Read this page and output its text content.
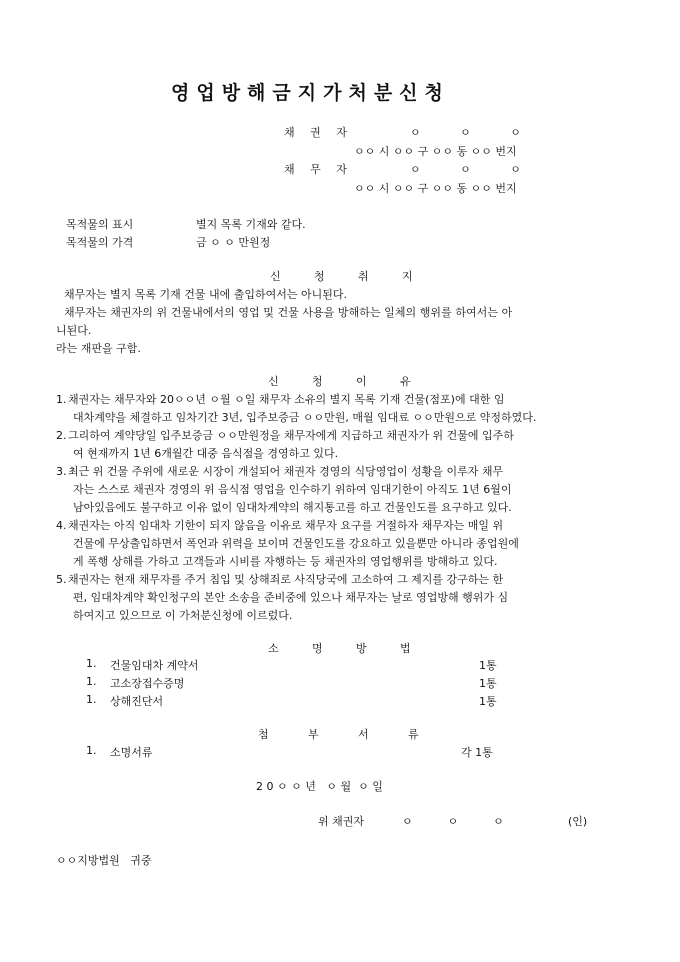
영업방해금지가처분신청
채 권 자	ㅇ ㅇ ㅇ
ㅇㅇ 시 ㅇㅇ 구 ㅇㅇ 동 ㅇㅇ 번지
채 무 자	ㅇ ㅇ ㅇ
ㅇㅇ 시 ㅇㅇ 구 ㅇㅇ 동 ㅇㅇ 번지
목적물의 표시	별지 목록 기재와 같다.
목적물의 가격	금 ㅇ ㅇ 만원정
신	청	취	지
채무자는 별지 목록 기재 건물 내에 출입하여서는 아니된다.
채무자는 채권자의 위 건물내에서의 영업 및 건물 사용을 방해하는 일체의 행위를 하여서는 아
니된다.
라는 재판을 구함.
신	청	이	유
1. 채권자는 채무자와 20ㅇㅇ년 ㅇ월 ㅇ일 채무자 소유의 별지 목록 기재 건물(점포)에 대한 임
대차계약을 체결하고 임차기간 3년, 입주보증금 ㅇㅇ만원, 매월 임대료 ㅇㅇ만원으로 약정하였다.
2. 그리하여 계약당일 입주보증금 ㅇㅇ만원정을 채무자에게 지급하고 채권자가 위 건물에 입주하
여 현재까지 1년 6개월간 대중 음식점을 경영하고 있다.
3. 최근 위 건물 주위에 새로운 시장이 개설되어 채권자 경영의 식당영업이 성황을 이루자 채무
자는 스스로 채권자 경영의 위 음식점 영업을 인수하기 위하여 임대기한이 아직도 1년 6월이
남아있음에도 불구하고 이유 없이 임대차계약의 해지통고를 하고 건물인도를 요구하고 있다.
4. 채권자는 아직 임대차 기한이 되지 않음을 이유로 채무자 요구를 거절하자 채무자는 매일 위
건물에 무상출입하면서 폭언과 위력을 보이며 건물인도를 강요하고 있을뿐만 아니라 종업원에
게 폭행 상해를 가하고 고객들과 시비를 자행하는 등 채권자의 영업행위를 방해하고 있다.
5. 채권자는 현재 채무자를 주거 침입 및 상해죄로 사직당국에 고소하여 그 제지를 강구하는 한
편, 임대차계약 확인청구의 본안 소송을 준비중에 있으나 채무자는 날로 영업방해 행위가 심
하여지고 있으므로 이 가처분신청에 이르렀다.
소	명	방	법
1. 건물임대차 계약서	1통
1. 고소장접수증명	1통
1. 상해진단서	1통
첨	부	서	류
1. 소명서류	각 1통
2 0 ㅇ ㅇ 년   ㅇ 월  ㅇ 일
위 채권자	ㅇ          ㅇ          ㅇ	(인)
ㅇㅇ지방법원   귀중
